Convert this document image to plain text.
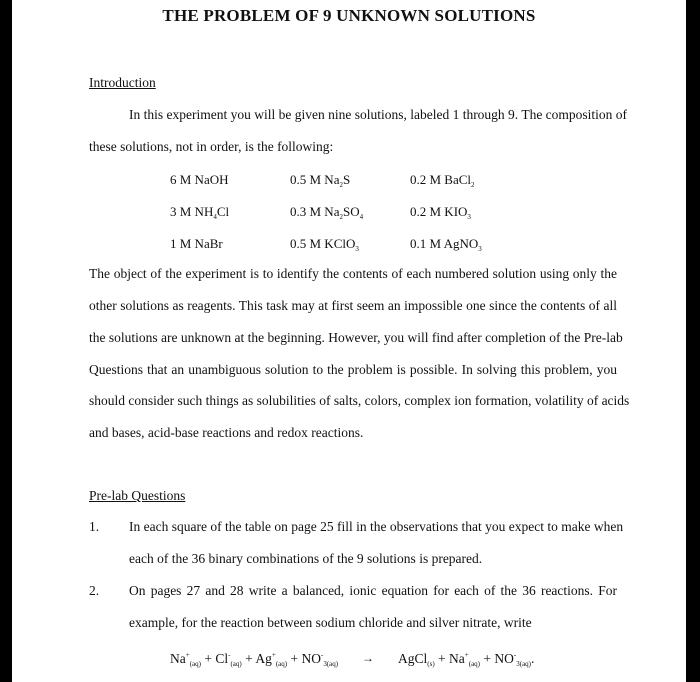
THE PROBLEM OF 9 UNKNOWN SOLUTIONS
Introduction
In this experiment you will be given nine solutions, labeled 1 through 9. The composition of
these solutions, not in order, is the following:
6 M NaOH	0.5 M $Na_2S$	0.2 M BaCl$_2$
3 M $NH_4Cl$	0.3 M $Na_2SO_4$	0.2 M $KIO_3$
1 M NaBr	0.5 M KClO$_3$	0.1 M AgNO$_3$
The object of the experiment is to identify the contents of each numbered solution using only the
other solutions as reagents. This task may at first seem an impossible one since the contents of all
the solutions are unknown at the beginning. However, you will find after completion of the Pre-lab
Questions that an unambiguous solution to the problem is possible. In solving this problem, you
should consider such things as solubilities of salts, colors, complex ion formation, volatility of acids
and bases, acid-base reactions and redox reactions.
Pre-lab Questions
1. In each square of the table on page 25 fill in the observations that you expect to make when
each of the 36 binary combinations of the 9 solutions is prepared.
2. On pages 27 and 28 write a balanced, ionic equation for each of the 36 reactions. For
example, for the reaction between sodium chloride and silver nitrate, write
$Na^+_{(aq)} + Cl^-_{(aq)} + Ag^+_{(aq)} + NO^-_{3(aq)}$ → AgCl$_{(s)}$ + $Na^+_{(aq)} + NO^-_{3(aq)}$.
